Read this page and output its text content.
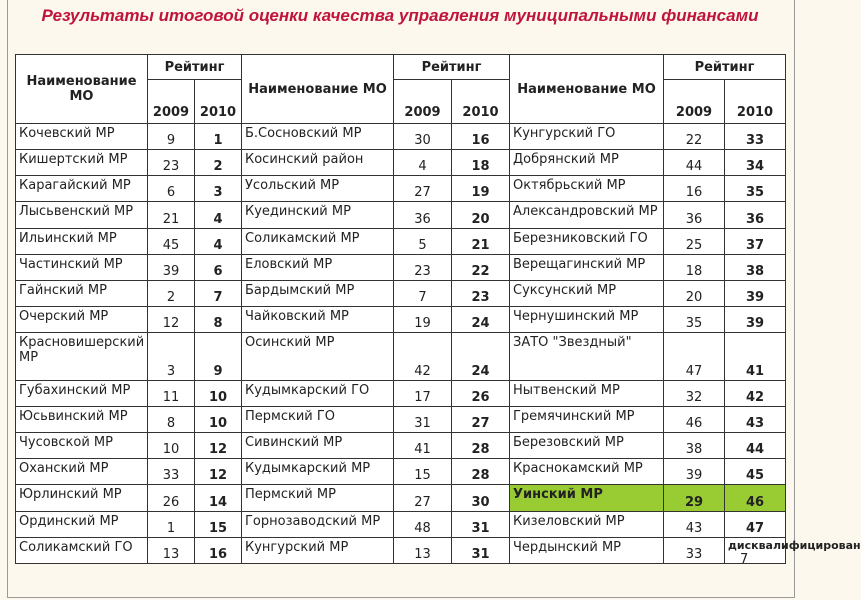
Результаты итоговой оценки качества управления муниципальными финансами
Наименование МО	Рейтинг		Наименование МО	Рейтинг		Наименование МО	Рейтинг	
	2009	2010		2009	2010		2009	2010
Кочевский МР	9	1	Б.Сосновский МР	30	16	Кунгурский ГО	22	33
Кишертский МР	23	2	Косинский район	4	18	Добрянский МР	44	34
Карагайский МР	6	3	Усольский МР	27	19	Октябрьский МР	16	35
Лысьвенский МР	21	4	Куединский МР	36	20	Александровский МР	36	36
Ильинский МР	45	4	Соликамский МР	5	21	Березниковский ГО	25	37
Частинский МР	39	6	Еловский МР	23	22	Верещагинский МР	18	38
Гайнский МР	2	7	Бардымский МР	7	23	Суксунский МР	20	39
Очерский МР	12	8	Чайковский МР	19	24	Чернушинский МР	35	39
Красновишерский МР	3	9	Осинский МР	42	24	ЗАТО "Звездный"	47	41
Губахинский МР	11	10	Кудымкарский ГО	17	26	Нытвенский МР	32	42
Юсьвинский МР	8	10	Пермский ГО	31	27	Гремячинский МР	46	43
Чусовской МР	10	12	Сивинский МР	41	28	Березовский МР	38	44
Оханский МР	33	12	Кудымкарский МР	15	28	Краснокамский МР	39	45
Юрлинский МР	26	14	Пермский МР	27	30	Уинский МР	29	46
Ординский МР	1	15	Горнозаводский МР	48	31	Кизеловский МР	43	47
Соликамский ГО	13	16	Кунгурский МР	13	31	Чердынский МР	33	дисквалифицирован
7
